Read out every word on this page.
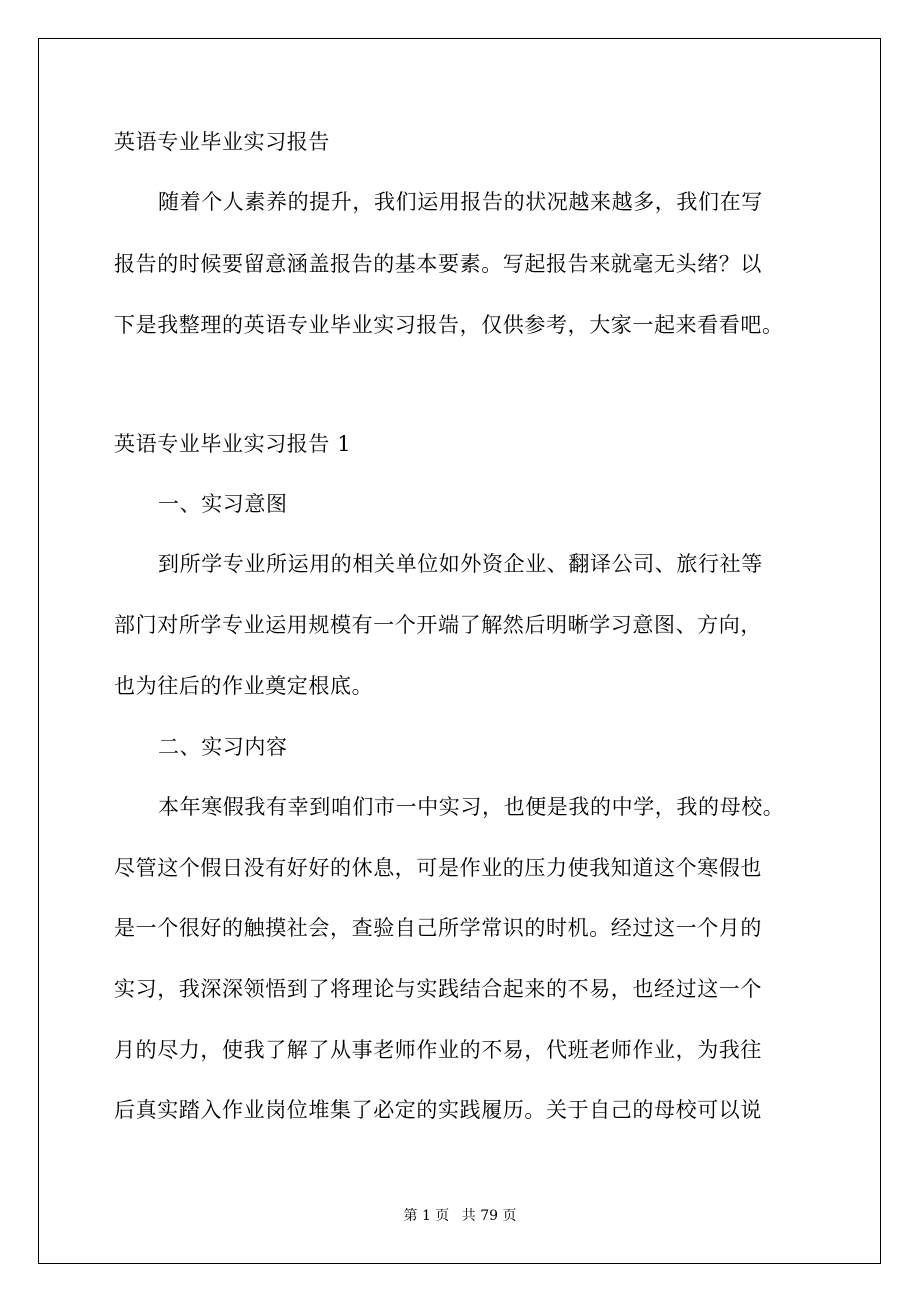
英语专业毕业实习报告
随着个人素养的提升，我们运用报告的状况越来越多，我们在写
报告的时候要留意涵盖报告的基本要素。写起报告来就毫无头绪？以
下是我整理的英语专业毕业实习报告，仅供参考，大家一起来看看吧。
英语专业毕业实习报告 1
一、实习意图
到所学专业所运用的相关单位如外资企业、翻译公司、旅行社等
部门对所学专业运用规模有一个开端了解然后明晰学习意图、方向，
也为往后的作业奠定根底。
二、实习内容
本年寒假我有幸到咱们市一中实习，也便是我的中学，我的母校。
尽管这个假日没有好好的休息，可是作业的压力使我知道这个寒假也
是一个很好的触摸社会，查验自己所学常识的时机。经过这一个月的
实习，我深深领悟到了将理论与实践结合起来的不易，也经过这一个
月的尽力，使我了解了从事老师作业的不易，代班老师作业，为我往
后真实踏入作业岗位堆集了必定的实践履历。关于自己的母校可以说
第 1 页 共 79 页
